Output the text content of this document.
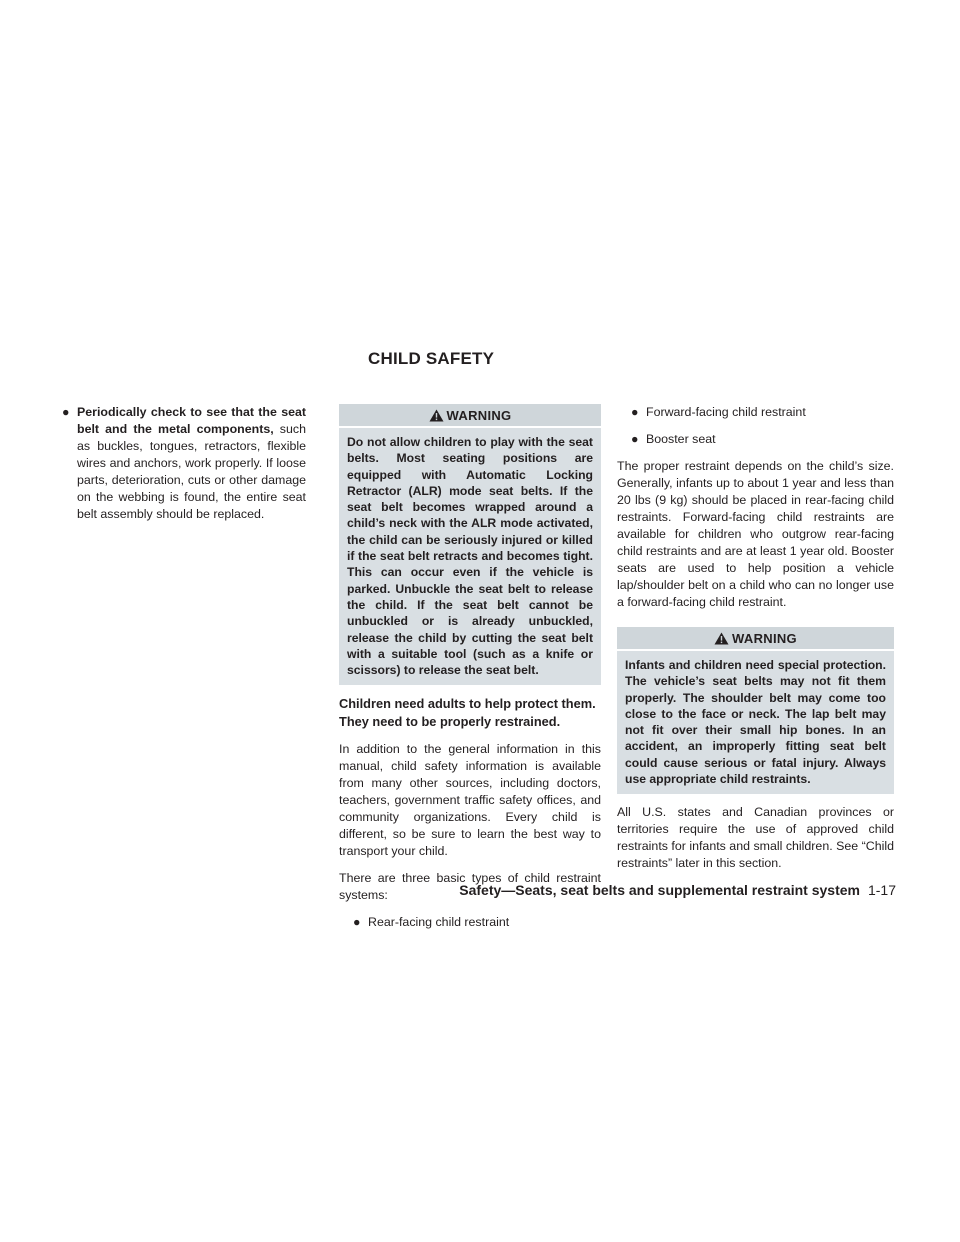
CHILD SAFETY
● Periodically check to see that the seat belt and the metal components, such as buckles, tongues, retractors, flexible wires and anchors, work properly. If loose parts, deterioration, cuts or other damage on the webbing is found, the entire seat belt assembly should be replaced.
WARNING
Do not allow children to play with the seat belts. Most seating positions are equipped with Automatic Locking Retractor (ALR) mode seat belts. If the seat belt becomes wrapped around a child’s neck with the ALR mode activated, the child can be seriously injured or killed if the seat belt retracts and becomes tight. This can occur even if the vehicle is parked. Unbuckle the seat belt to release the child. If the seat belt cannot be unbuckled or is already unbuckled, release the child by cutting the seat belt with a suitable tool (such as a knife or scissors) to release the seat belt.
Children need adults to help protect them. They need to be properly restrained.

In addition to the general information in this manual, child safety information is available from many other sources, including doctors, teachers, government traffic safety offices, and community organizations. Every child is different, so be sure to learn the best way to transport your child.

There are three basic types of child restraint systems:

● Rear-facing child restraint
● Forward-facing child restraint
● Booster seat

The proper restraint depends on the child’s size. Generally, infants up to about 1 year and less than 20 lbs (9 kg) should be placed in rear-facing child restraints. Forward-facing child restraints are available for children who outgrow rear-facing child restraints and are at least 1 year old. Booster seats are used to help position a vehicle lap/shoulder belt on a child who can no longer use a forward-facing child restraint.

WARNING
Infants and children need special protection. The vehicle’s seat belts may not fit them properly. The shoulder belt may come too close to the face or neck. The lap belt may not fit over their small hip bones. In an accident, an improperly fitting seat belt could cause serious or fatal injury. Always use appropriate child restraints.

All U.S. states and Canadian provinces or territories require the use of approved child restraints for infants and small children. See “Child restraints” later in this section.

Safety—Seats, seat belts and supplemental restraint system 1-17
